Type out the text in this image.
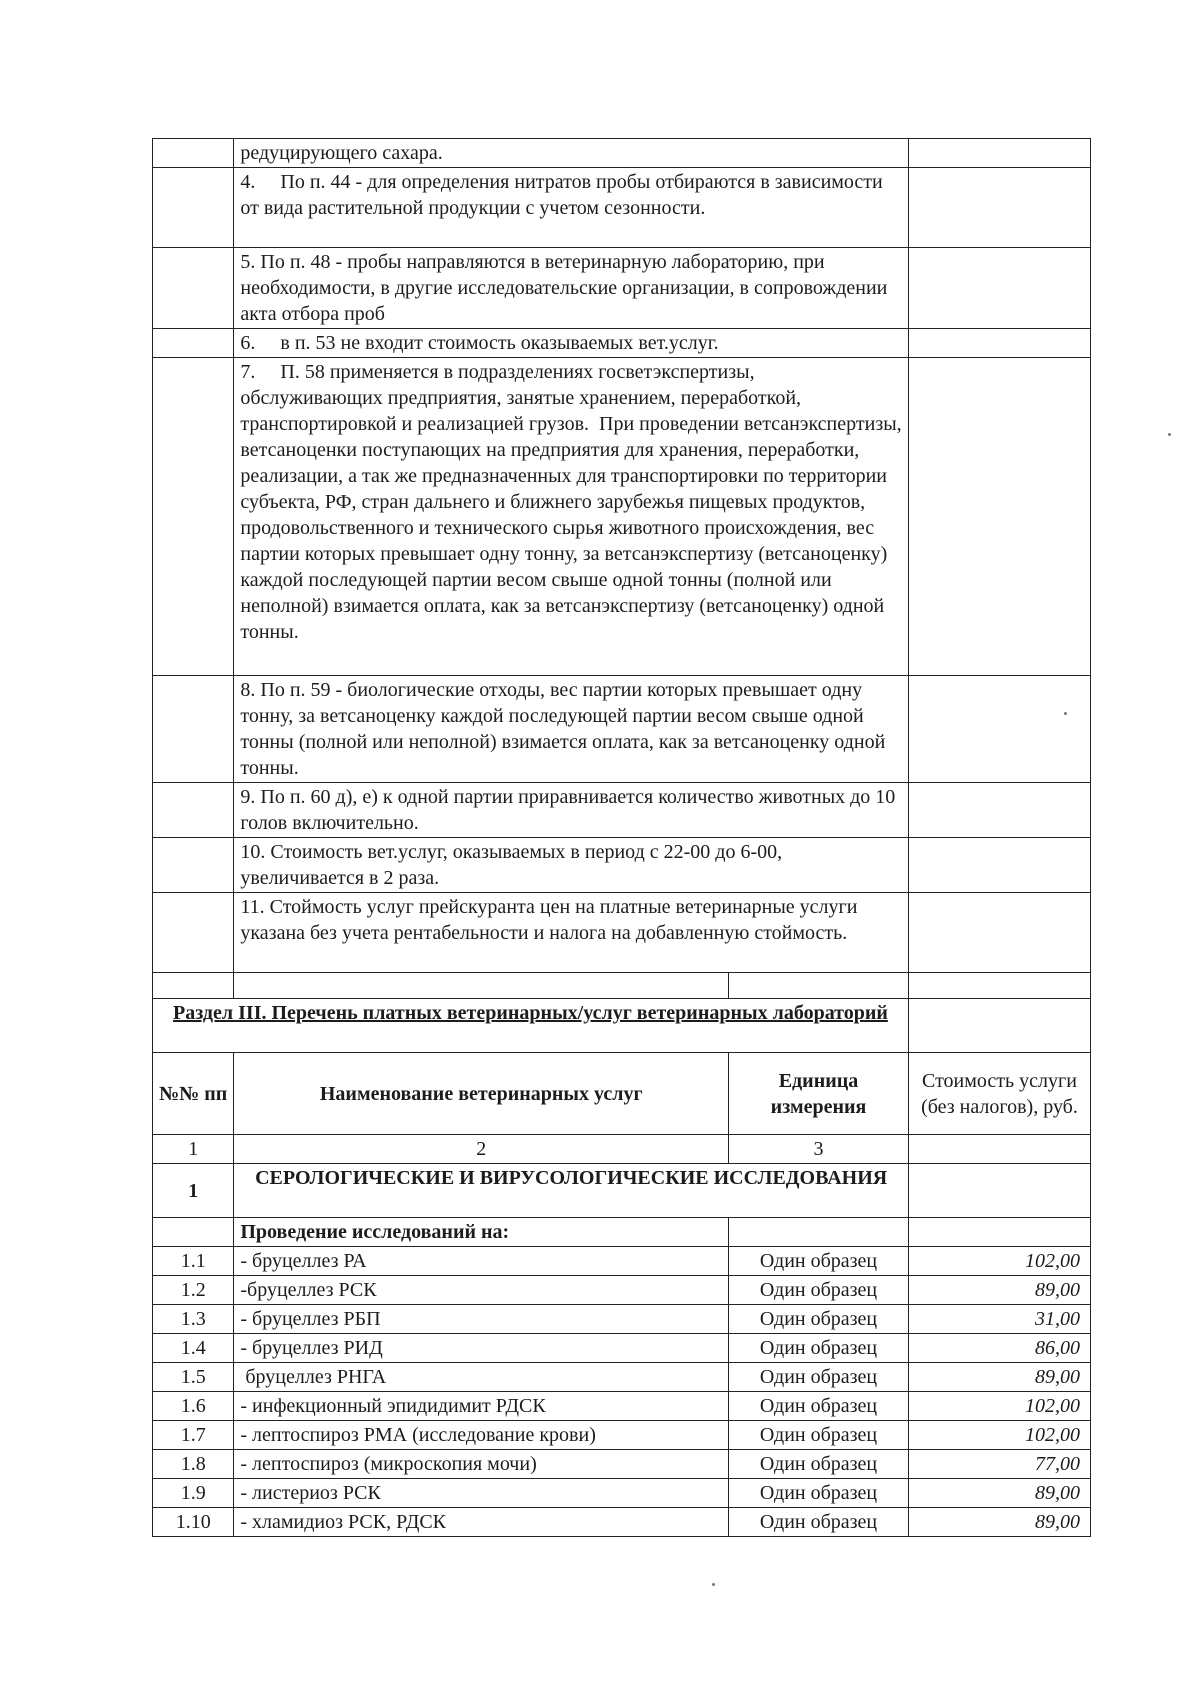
	редуцирующего сахара.		
	4.     По п. 44 - для определения нитратов пробы отбираются в зависимости от вида растительной продукции с учетом сезонности.		
	5. По п. 48 - пробы направляются в ветеринарную лабораторию, при необходимости, в другие исследовательские организации, в сопровождении акта отбора проб		
	6.     в п. 53 не входит стоимость оказываемых вет.услуг.		
	7.     П. 58 применяется в подразделениях госветэкспертизы, обслуживающих предприятия, занятые хранением, переработкой, транспортировкой и реализацией грузов.  При проведении ветсанэкспертизы, ветсаноценки поступающих на предприятия для хранения, переработки, реализации, а так же предназначенных для транспортировки по территории субъекта, РФ, стран дальнего и ближнего зарубежья пищевых продуктов, продовольственного и технического сырья животного происхождения, вес партии которых превышает одну тонну, за ветсанэкспертизу (ветсаноценку) каждой последующей партии весом свыше одной тонны (полной или неполной) взимается оплата, как за ветсанэкспертизу (ветсаноценку) одной тонны.		
	8. По п. 59 - биологические отходы, вес партии которых превышает одну тонну, за ветсаноценку каждой последующей партии весом свыше одной тонны (полной или неполной) взимается оплата, как за ветсаноценку одной тонны.		
	9. По п. 60 д), е) к одной партии приравнивается количество животных до 10 голов включительно.		
	10. Стоимость вет.услуг, оказываемых в период с 22-00 до 6-00, увеличивается в 2 раза.		
	11. Стоймость услуг прейскуранта цен на платные ветеринарные услуги указана без учета рентабельности и налога на добавленную стоймость.		

Раздел III. Перечень платных ветеринарных/услуг ветеринарных лабораторий			
№№ пп	Наименование ветеринарных услуг	Единица измерения	Стоимость услуги (без налогов), руб.
1	2	3	
1	СЕРОЛОГИЧЕСКИЕ И ВИРУСОЛОГИЧЕСКИЕ ИССЛЕДОВАНИЯ		
	Проведение исследований на:		
1.1	- бруцеллез РА	Один образец	102,00
1.2	-бруцеллез РСК	Один образец	89,00
1.3	- бруцеллез РБП	Один образец	31,00
1.4	- бруцеллез РИД	Один образец	86,00
1.5	бруцеллез РНГА	Один образец	89,00
1.6	- инфекционный эпидидимит РДСК	Один образец	102,00
1.7	- лептоспироз РМА (исследование крови)	Один образец	102,00
1.8	- лептоспироз (микроскопия мочи)	Один образец	77,00
1.9	- листериоз РСК	Один образец	89,00
1.10	- хламидиоз РСК, РДСК	Один образец	89,00
